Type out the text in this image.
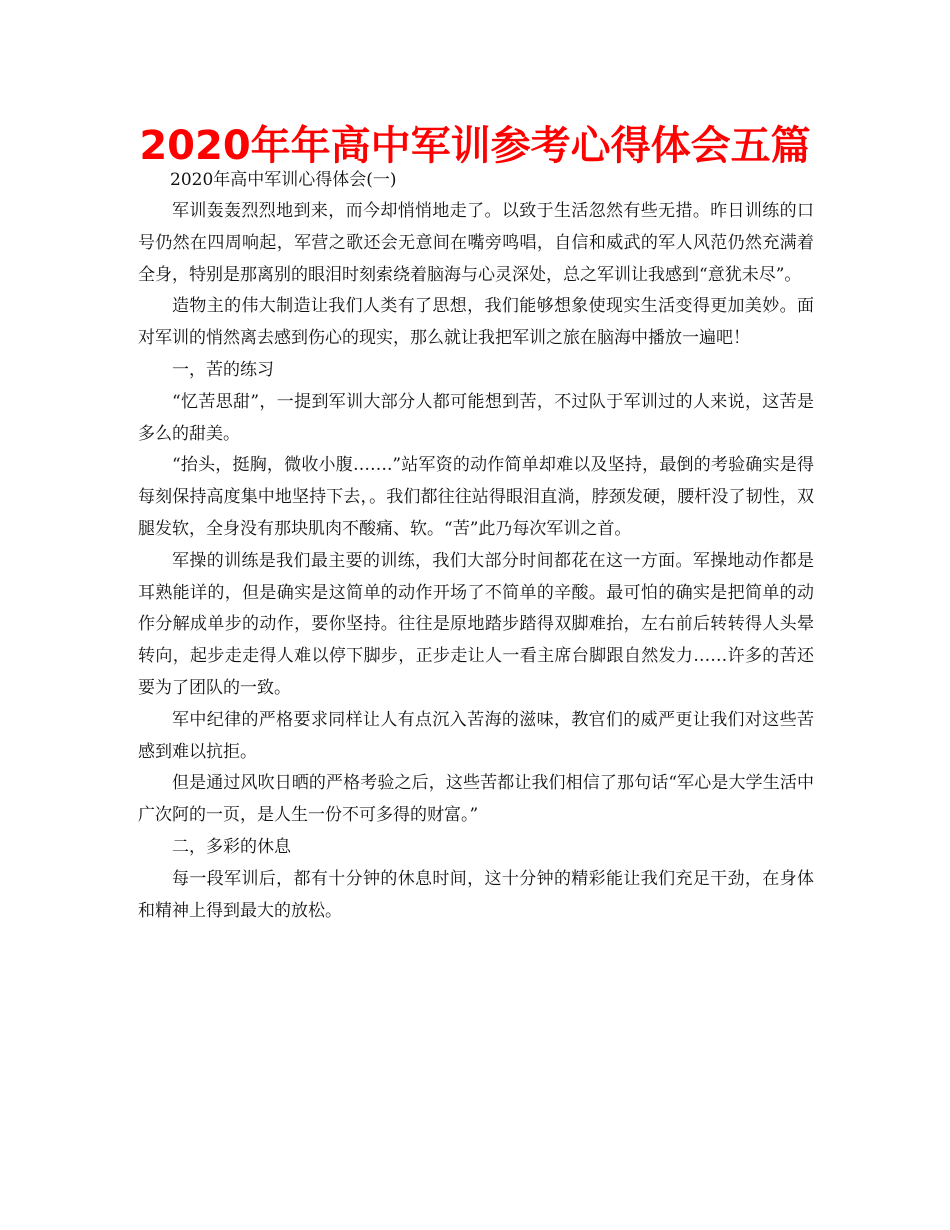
2020年年高中军训参考心得体会五篇

2020年高中军训心得体会(一)

军训轰轰烈烈地到来，而今却悄悄地走了。以致于生活忽然有些无措。昨日训练的口号仍然在四周响起，军营之歌还会无意间在嘴旁鸣唱，自信和威武的军人风范仍然充满着全身，特别是那离别的眼泪时刻索绕着脑海与心灵深处，总之军训让我感到“意犹未尽”。

造物主的伟大制造让我们人类有了思想，我们能够想象使现实生活变得更加美妙。面对军训的悄然离去感到伤心的现实，那么就让我把军训之旅在脑海中播放一遍吧！

一，苦的练习

“忆苦思甜”，一提到军训大部分人都可能想到苦，不过队于军训过的人来说，这苦是多么的甜美。

“抬头，挺胸，微收小腹…….”站军资的动作简单却难以及坚持，最倒的考验确实是得每刻保持高度集中地坚持下去，。我们都往往站得眼泪直淌，脖颈发硬，腰杆没了韧性，双腿发软，全身没有那块肌肉不酸痛、软。“苦”此乃每次军训之首。

军操的训练是我们最主要的训练，我们大部分时间都花在这一方面。军操地动作都是耳熟能详的，但是确实是这简单的动作开场了不简单的辛酸。最可怕的确实是把简单的动作分解成单步的动作，要你坚持。往往是原地踏步踏得双脚难抬，左右前后转转得人头晕转向，起步走走得人难以停下脚步，正步走让人一看主席台脚跟自然发力……许多的苦还要为了团队的一致。

军中纪律的严格要求同样让人有点沉入苦海的滋味，教官们的威严更让我们对这些苦感到难以抗拒。

但是通过风吹日晒的严格考验之后，这些苦都让我们相信了那句话“军心是大学生活中广次阿的一页，是人生一份不可多得的财富。”

二，多彩的休息

每一段军训后，都有十分钟的休息时间，这十分钟的精彩能让我们充足干劲，在身体和精神上得到最大的放松。
